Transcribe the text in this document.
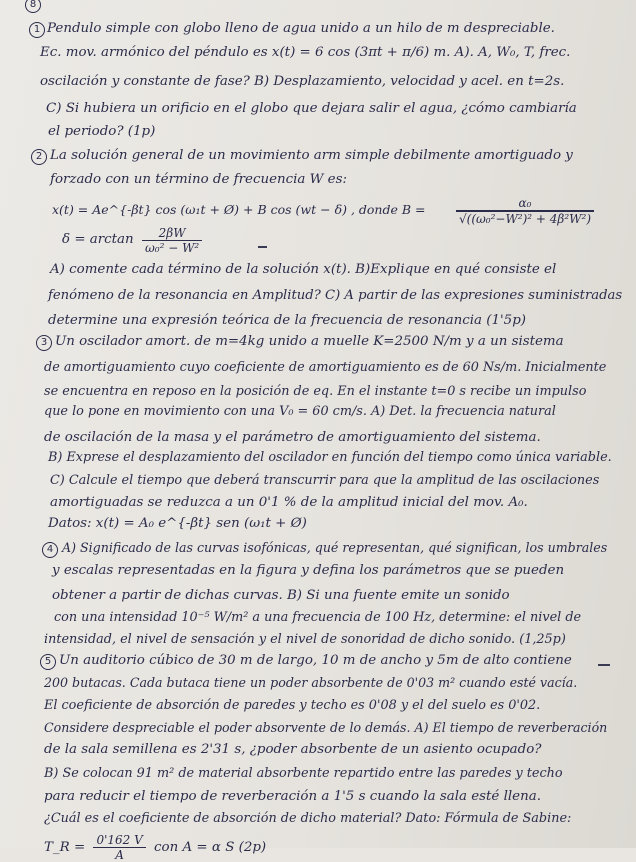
8
1 Pendulo simple con globo lleno de agua unido a un hilo de m despreciable.
Ec. mov. armónico del péndulo es x(t) = 6 cos (3πt + π/6) m. A). A, W₀, T, frec.
oscilación y constante de fase? B) Desplazamiento, velocidad y acel. en t=2s.
C) Si hubiera un orificio en el globo que dejara salir el agua, ¿cómo cambiaría
el periodo? (1p)
2 La solución general de un movimiento arm simple debilmente amortiguado y
forzado con un término de frecuencia W es:
x(t) = Ae^{-βt} cos (ω₁t + Ø) + B cos (wt − δ) , donde B =	$\frac{\text{α₀}}{\text{√((ω₀²−W²)² + 4β²W²)}}$
$\delta = \arctan \frac{2\beta W}{\text{ω₀² − W²}}$
A) comente cada término de la solución x(t). B)Explique en qué consiste el
fenómeno de la resonancia en Amplitud? C) A partir de las expresiones suministradas
determine una expresión teórica de la frecuencia de resonancia (1'5p)
3 Un oscilador amort. de m=4kg unido a muelle K=2500 N/m y a un sistema
de amortiguamiento cuyo coeficiente de amortiguamiento es de 60 Ns/m. Inicialmente
se encuentra en reposo en la posición de eq. En el instante t=0 s recibe un impulso
que lo pone en movimiento con una V₀ = 60 cm/s. A) Det. la frecuencia natural
de oscilación de la masa y el parámetro de amortiguamiento del sistema.
B) Exprese el desplazamiento del oscilador en función del tiempo como única variable.
C) Calcule el tiempo que deberá transcurrir para que la amplitud de las oscilaciones
amortiguadas se reduzca a un 0'1 % de la amplitud inicial del mov. A₀.
Datos: x(t) = A₀ e^{-βt} sen (ω₁t + Ø)
4 A) Significado de las curvas isofónicas, qué representan, qué significan, los umbrales
y escalas representadas en la figura y defina los parámetros que se pueden
obtener a partir de dichas curvas. B) Si una fuente emite un sonido
con una intensidad 10⁻⁵ W/m² a una frecuencia de 100 Hz, determine: el nivel de
intensidad, el nivel de sensación y el nivel de sonoridad de dicho sonido. (1,25p)
5 Un auditorio cúbico de 30 m de largo, 10 m de ancho y 5m de alto contiene
200 butacas. Cada butaca tiene un poder absorbente de 0'03 m² cuando esté vacía.
El coeficiente de absorción de paredes y techo es 0'08 y el del suelo es 0'02.
Considere despreciable el poder absorvente de lo demás. A) El tiempo de reverberación
de la sala semillena es 2'31 s, ¿poder absorbente de un asiento ocupado?
B) Se colocan 91 m² de material absorbente repartido entre las paredes y techo
para reducir el tiempo de reverberación a 1'5 s cuando la sala esté llena.
¿Cuál es el coeficiente de absorción de dicho material? Dato: Fórmula de Sabine:
T_R = $\frac{0'162 V}{A}$ con A = α S (2p)
